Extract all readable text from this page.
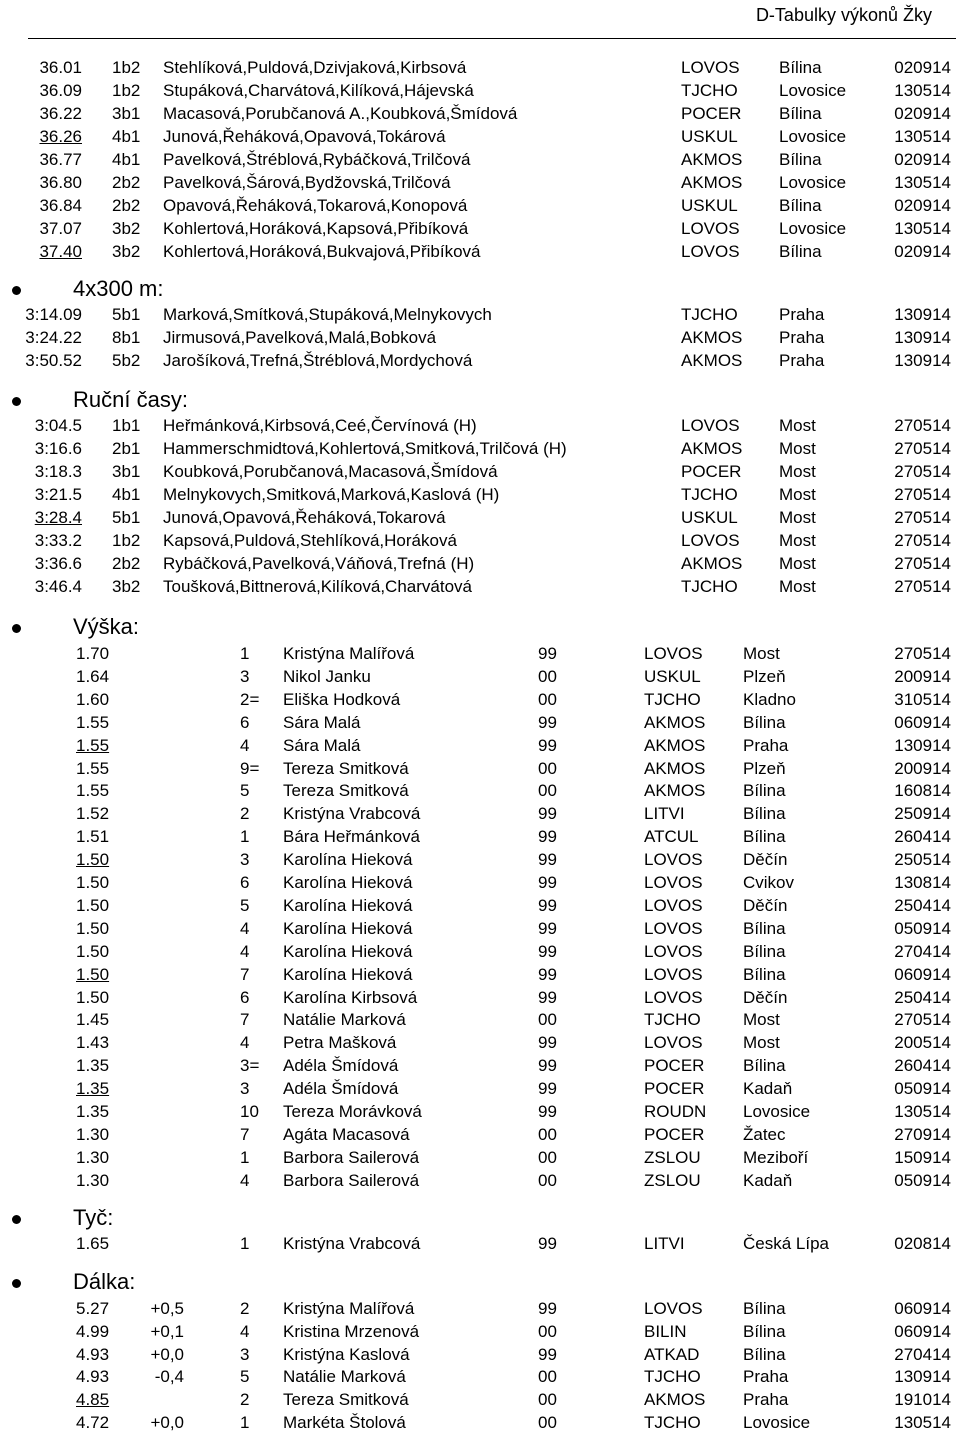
D-Tabulky výkonů Žky
36.01 1b2 Stehlíková,Puldová,Dzivjaková,Kirbsová	LOVOS Bílina	020914
36.09 1b2 Stupáková,Charvátová,Kilíková,Hájevská	TJCHO Lovosice	130514
36.22 3b1 Macasová,Porubčanová A.,Koubková,Šmídová	POCER Bílina	020914
36.26 4b1 Junová,Řeháková,Opavová,Tokárová	USKUL Lovosice	130514
36.77 4b1 Pavelková,Štréblová,Rybáčková,Trilčová	AKMOS Bílina	020914
36.80 2b2 Pavelková,Šárová,Bydžovská,Trilčová	AKMOS Lovosice	130514
36.84 2b2 Opavová,Řeháková,Tokarová,Konopová	USKUL Bílina	020914
37.07 3b2 Kohlertová,Horáková,Kapsová,Přibíková	LOVOS Lovosice	130514
37.40 3b2 Kohlertová,Horáková,Bukvajová,Přibíková	LOVOS Bílina	020914
4x300 m:
3:14.09 5b1 Marková,Smítková,Stupáková,Melnykovych	TJCHO Praha	130914
3:24.22 8b1 Jirmusová,Pavelková,Malá,Bobková	AKMOS Praha	130914
3:50.52 5b2 Jarošíková,Trefná,Štréblová,Mordychová	AKMOS Praha	130914
Ruční časy:
3:04.5 1b1 Heřmánková,Kirbsová,Ceé,Červínová (H)	LOVOS Most	270514
3:16.6 2b1 Hammerschmidtová,Kohlertová,Smitková,Trilčová (H)	AKMOS Most	270514
3:18.3 3b1 Koubková,Porubčanová,Macasová,Šmídová	POCER Most	270514
3:21.5 4b1 Melnykovych,Smitková,Marková,Kaslová (H)	TJCHO Most	270514
3:28.4 5b1 Junová,Opavová,Řeháková,Tokarová	USKUL Most	270514
3:33.2 1b2 Kapsová,Puldová,Stehlíková,Horáková	LOVOS Most	270514
3:36.6 2b2 Rybáčková,Pavelková,Váňová,Trefná (H)	AKMOS Most	270514
3:46.4 3b2 Toušková,Bittnerová,Kilíková,Charvátová	TJCHO Most	270514
Výška:
1.70	1 Kristýna Malířová	99	LOVOS Most	270514
1.64	3 Nikol Janku	00	USKUL Plzeň	200914
1.60	2= Eliška Hodková	00	TJCHO Kladno	310514
1.55	6 Sára Malá	99	AKMOS Bílina	060914
1.55	4 Sára Malá	99	AKMOS Praha	130914
1.55	9= Tereza Smitková	00	AKMOS Plzeň	200914
1.55	5 Tereza Smitková	00	AKMOS Bílina	160814
1.52	2 Kristýna Vrabcová	99	LITVI	Bílina	250914
1.51	1 Bára Heřmánková	99	ATCUL	Bílina	260414
1.50	3 Karolína Hieková	99	LOVOS Děčín	250514
1.50	6 Karolína Hieková	99	LOVOS Cvikov	130814
1.50	5 Karolína Hieková	99	LOVOS Děčín	250414
1.50	4 Karolína Hieková	99	LOVOS Bílina	050914
1.50	4 Karolína Hieková	99	LOVOS Bílina	270414
1.50	7 Karolína Hieková	99	LOVOS Bílina	060914
1.50	6 Karolína Kirbsová	99	LOVOS Děčín	250414
1.45	7 Natálie Marková	00	TJCHO Most	270514
1.43	4 Petra Mašková	99	LOVOS Most	200514
1.35	3= Adéla Šmídová	99	POCER Bílina	260414
1.35	3 Adéla Šmídová	99	POCER Kadaň	050914
1.35	10 Tereza Morávková	99	ROUDN Lovosice	130514
1.30	7 Agáta Macasová	00	POCER Žatec	270914
1.30	1 Barbora Sailerová	00	ZSLOU Meziboří	150914
1.30	4 Barbora Sailerová	00	ZSLOU Kadaň	050914
Tyč:
1.65	1 Kristýna Vrabcová	99	LITVI	Česká Lípa	020814
Dálka:
5.27 +0,5	2 Kristýna Malířová	99	LOVOS Bílina	060914
4.99 +0,1	4 Kristina Mrzenová	00	BILIN	Bílina	060914
4.93 +0,0	3 Kristýna Kaslová	99	ATKAD	Bílina	270414
4.93	-0,4	5 Natálie Marková	00	TJCHO Praha	130914
4.85	2 Tereza Smitková	00	AKMOS Praha	191014
4.72 +0,0	1 Markéta Štolová	00	TJCHO Lovosice	130514
